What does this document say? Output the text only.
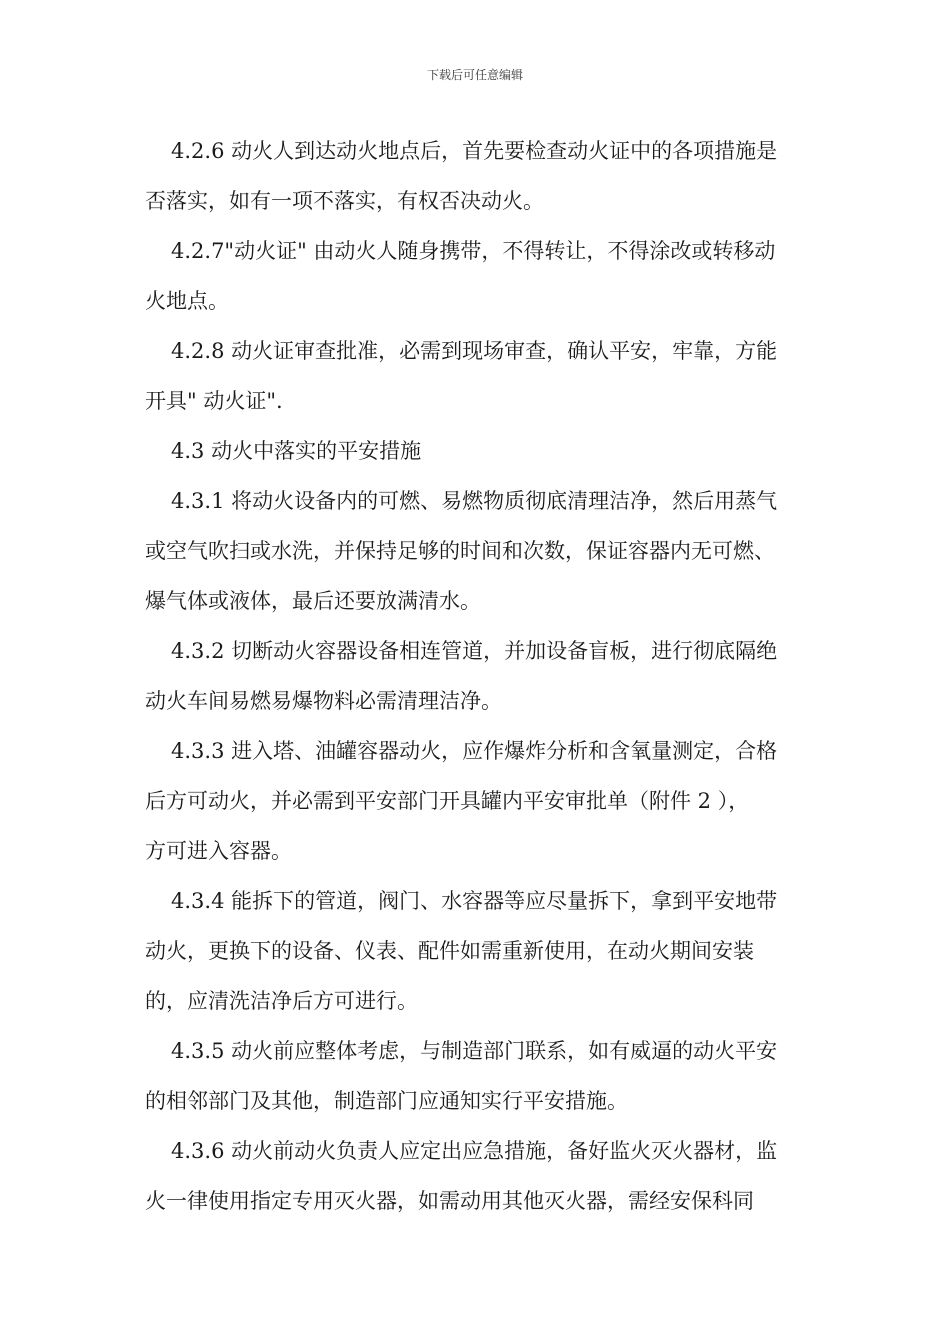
下载后可任意编辑
4.2.6 动火人到达动火地点后，首先要检查动火证中的各项措施是
否落实，如有一项不落实，有权否决动火。
4.2.7"动火证" 由动火人随身携带，不得转让，不得涂改或转移动
火地点。
4.2.8 动火证审查批准，必需到现场审查，确认平安，牢靠，方能
开具" 动火证".
4.3 动火中落实的平安措施
4.3.1 将动火设备内的可燃、易燃物质彻底清理洁净，然后用蒸气
或空气吹扫或水洗，并保持足够的时间和次数，保证容器内无可燃、
爆气体或液体，最后还要放满清水。
4.3.2 切断动火容器设备相连管道，并加设备盲板，进行彻底隔绝
动火车间易燃易爆物料必需清理洁净。
4.3.3 进入塔、油罐容器动火，应作爆炸分析和含氧量测定，合格
后方可动火，并必需到平安部门开具罐内平安审批单（附件 2 ），
方可进入容器。
4.3.4 能拆下的管道，阀门、水容器等应尽量拆下，拿到平安地带
动火，更换下的设备、仪表、配件如需重新使用，在动火期间安装
的，应清洗洁净后方可进行。
4.3.5 动火前应整体考虑，与制造部门联系，如有威逼的动火平安
的相邻部门及其他，制造部门应通知实行平安措施。
4.3.6 动火前动火负责人应定出应急措施，备好监火灭火器材，监
火一律使用指定专用灭火器，如需动用其他灭火器，需经安保科同
